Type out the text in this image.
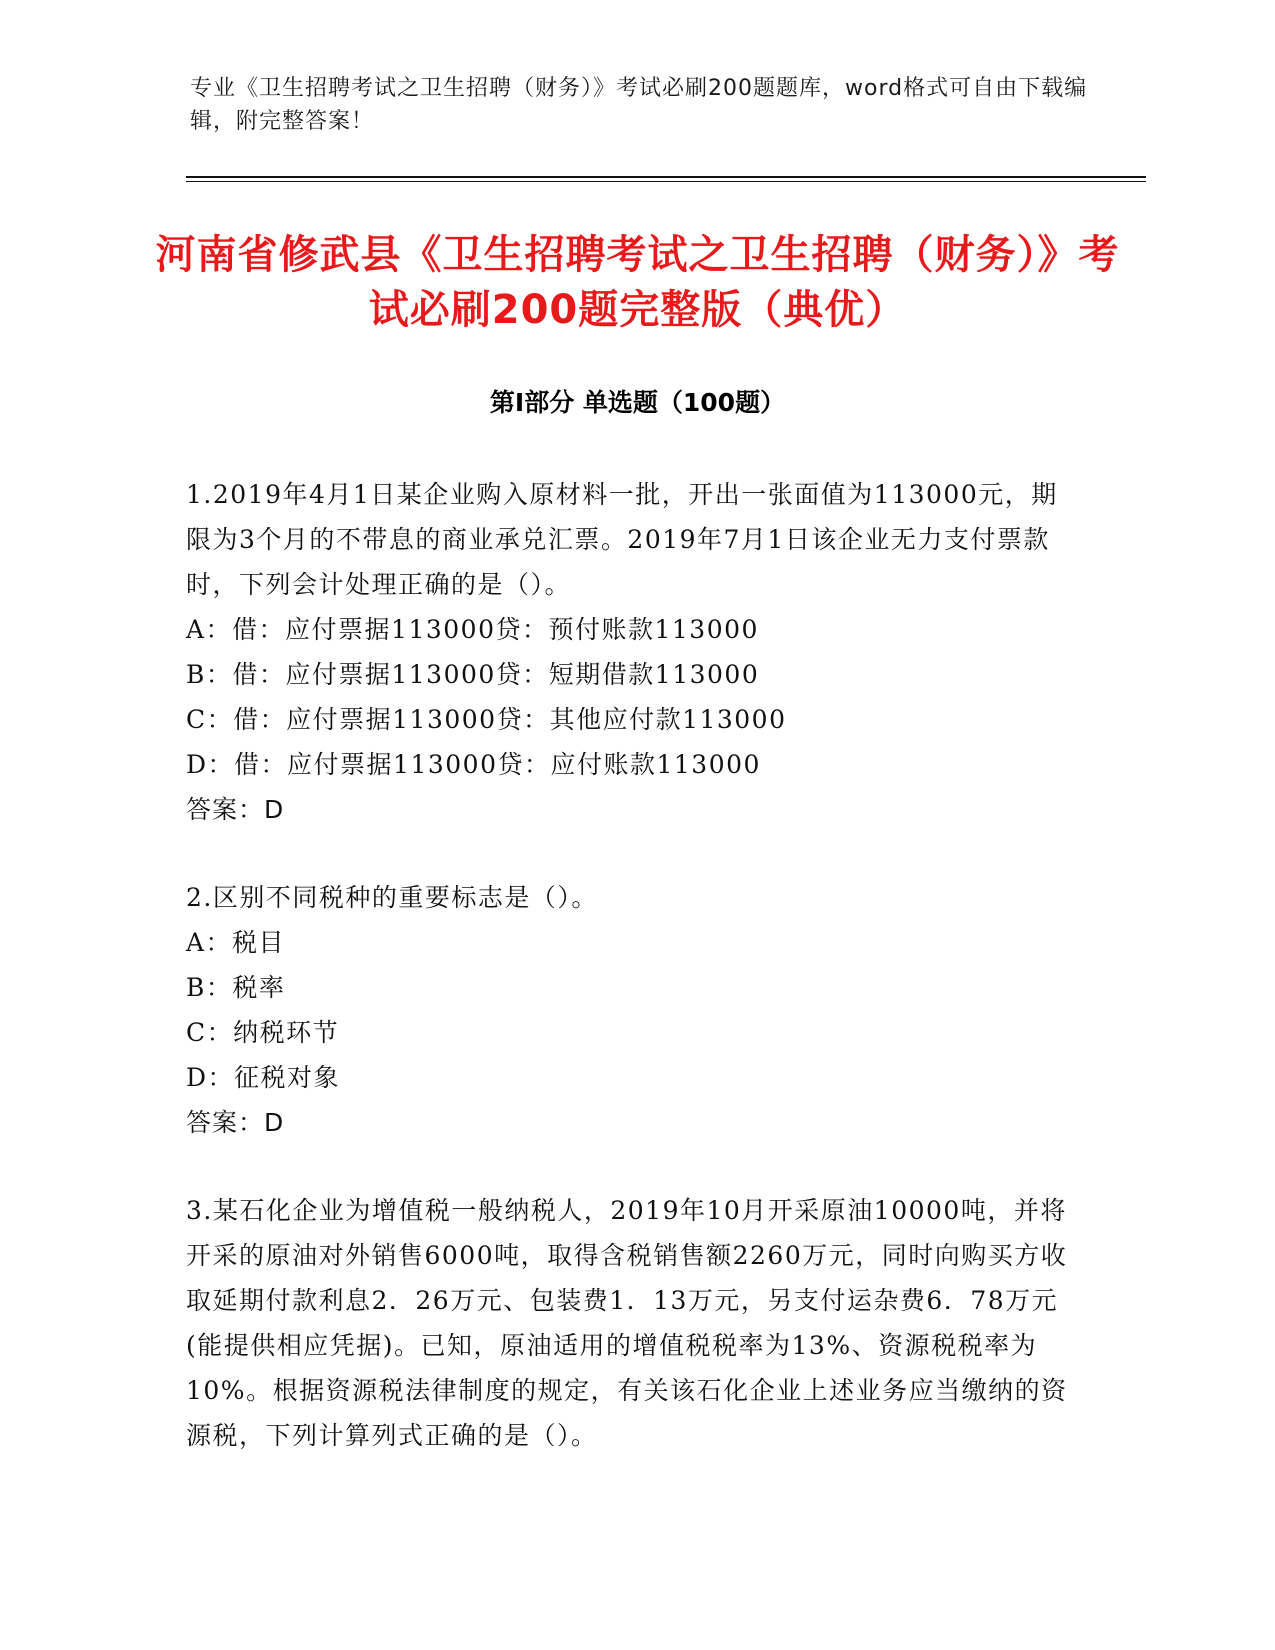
专业《卫生招聘考试之卫生招聘（财务）》考试必刷200题题库，word格式可自由下载编辑，附完整答案！
河南省修武县《卫生招聘考试之卫生招聘（财务）》考试必刷200题完整版（典优）
第Ⅰ部分 单选题（100题）

1.2019年4月1日某企业购入原材料一批，开出一张面值为113000元，期限为3个月的不带息的商业承兑汇票。2019年7月1日该企业无力支付票款时，下列会计处理正确的是（）。

A：借：应付票据113000贷：预付账款113000

B：借：应付票据113000贷：短期借款113000

C：借：应付票据113000贷：其他应付款113000

D：借：应付票据113000贷：应付账款113000

答案：D

2.区别不同税种的重要标志是（）。

A：税目

B：税率

C：纳税环节

D：征税对象

答案：D

3.某石化企业为增值税一般纳税人，2019年10月开采原油10000吨，并将开采的原油对外销售6000吨，取得含税销售额2260万元，同时向购买方收取延期付款利息2．26万元、包装费1．13万元，另支付运杂费6．78万元(能提供相应凭据)。已知，原油适用的增值税税率为13%、资源税税率为10%。根据资源税法律制度的规定，有关该石化企业上述业务应当缴纳的资源税，下列计算列式正确的是（）。
